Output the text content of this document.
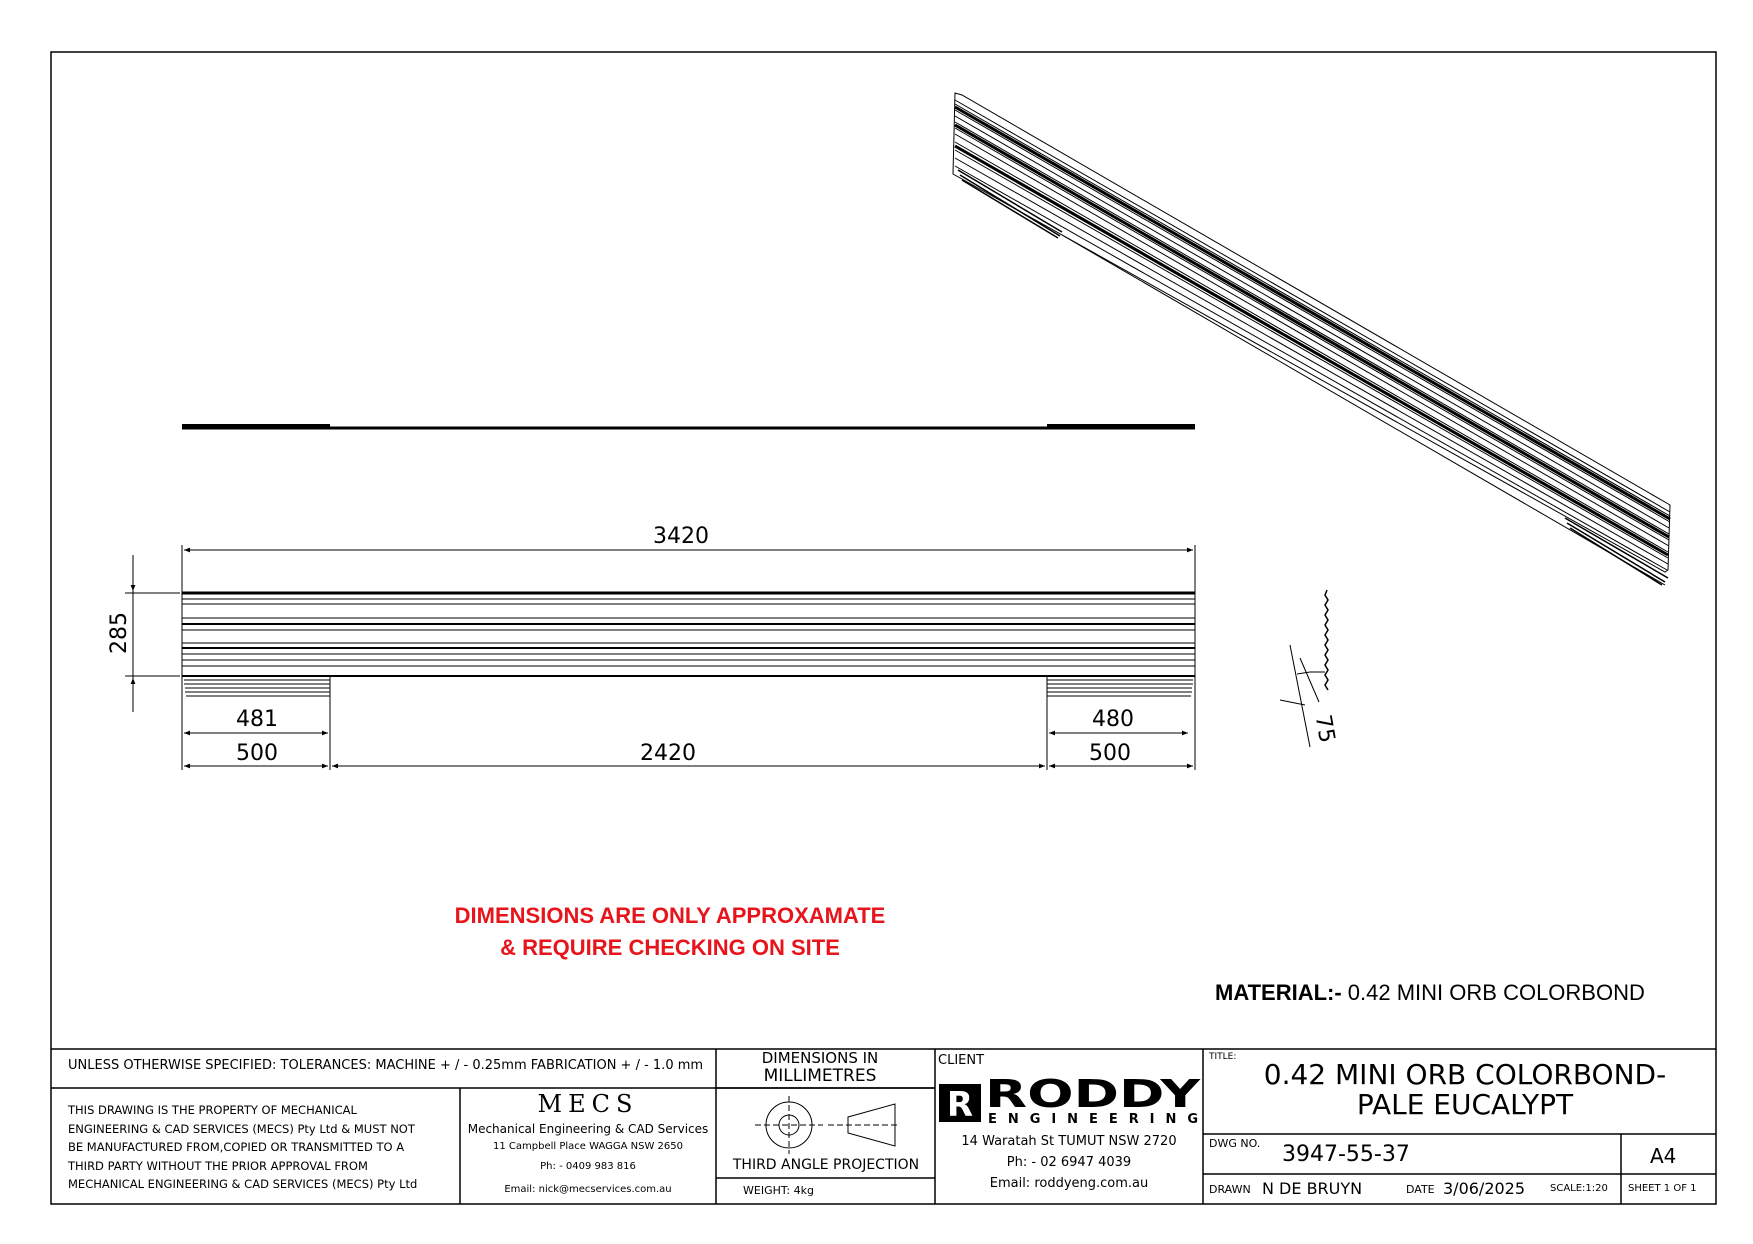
3420
481
500	2420
480
500
285
75
R RODDY
ENGINEERING
DIMENSIONS ARE ONLY APPROXAMATE
& REQUIRE CHECKING ON SITE
MATERIAL:- 0.42 MINI ORB COLORBOND
UNLESS OTHERWISE SPECIFIED: TOLERANCES: MACHINE + / - 0.25mm FABRICATION + / - 1.0 mm	DIMENSIONS IN
MILLIMETRES
THIS DRAWING IS THE PROPERTY OF MECHANICAL
ENGINEERING & CAD SERVICES (MECS) Pty Ltd & MUST NOT
BE MANUFACTURED FROM,COPIED OR TRANSMITTED TO A
THIRD PARTY WITHOUT THE PRIOR APPROVAL FROM
MECHANICAL ENGINEERING & CAD SERVICES (MECS) Pty Ltd
MECS
Mechanical Engineering & CAD Services
11 Campbell Place WAGGA NSW 2650
Ph: - 0409 983 816
Email: nick@mecservices.com.au
THIRD ANGLE PROJECTION
WEIGHT: 4kg
CLIENT
14 Waratah St TUMUT NSW 2720
Ph: - 02 6947 4039
Email: roddyeng.com.au
TITLE:
0.42 MINI ORB COLORBOND-
PALE EUCALYPT
DWG NO. 3947-55-37	A4
DRAWN N DE BRUYN	DATE 3/06/2025 SCALE:1:20 SHEET 1 OF 1
